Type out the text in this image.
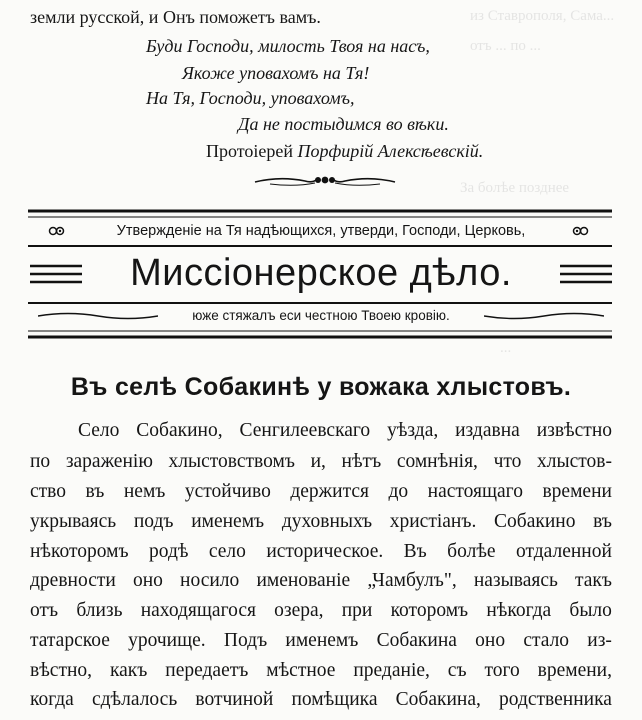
из Ставрополя, Сама...
отъ ... по ...
За болѣе позднее
...
земли русской, и Онъ поможетъ вамъ.
Буди Господи, милость Твоя на насъ,
Якоже уповахомъ на Тя!
На Тя, Господи, уповахомъ,
Да не постыдимся во вѣки.
Протоіерей Порфирій Алексѣевскій.
Утвержденіе на Тя надѣющихся, утверди, Господи, Церковь,
Миссіонерское дѣло.
юже стяжалъ еси честною Твоею кровію.
Въ селѣ Собакинѣ у вожака хлыстовъ.
Село Собакино, Сенгилеевскаго уѣзда, издавна извѣстно
по зараженію хлыстовствомъ и, нѣтъ сомнѣнія, что хлыстов-
ство въ немъ устойчиво держится до настоящаго времени
укрываясь подъ именемъ духовныхъ христіанъ. Собакино въ
нѣкоторомъ родѣ село историческое. Въ болѣе отдаленной
древности оно носило именованіе „Чамбулъ", называясь такъ
отъ близь находящагося озера, при которомъ нѣкогда было
татарское урочище. Подъ именемъ Собакина оно стало из-
вѣстно, какъ передаетъ мѣстное преданіе, съ того времени,
когда сдѣлалось вотчиной помѣщика Собакина, родственника
